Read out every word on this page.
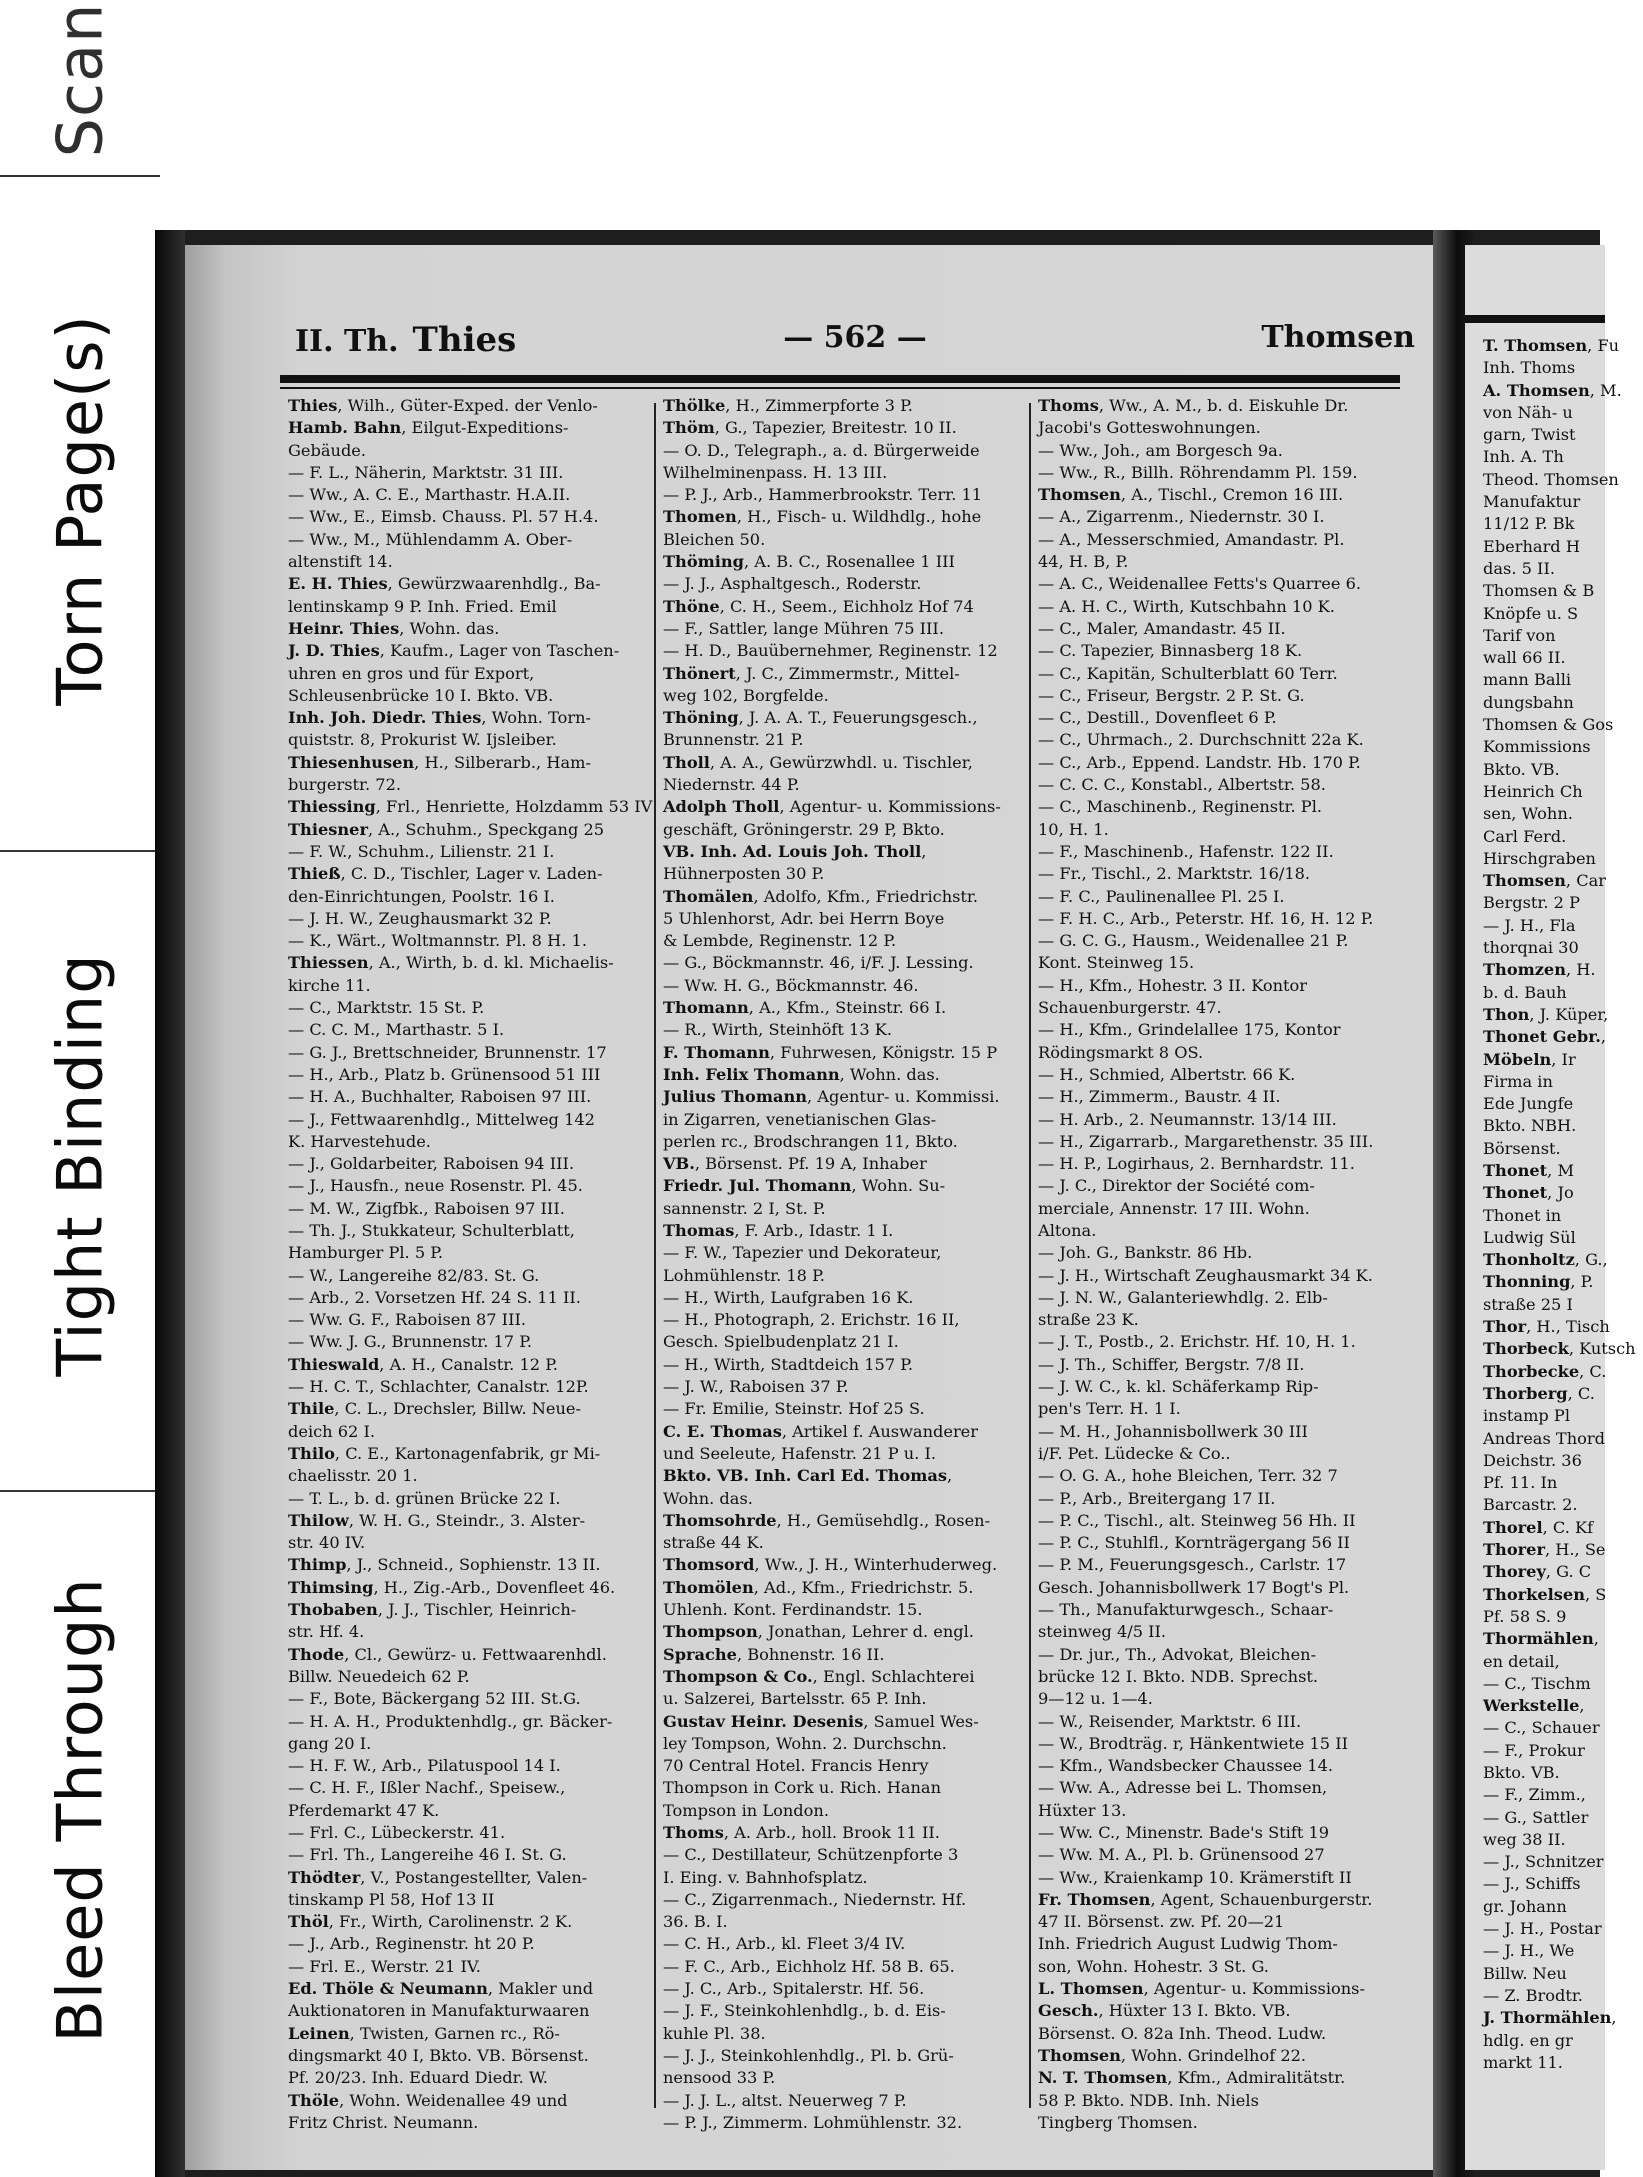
Scan
Torn Page(s)
Tight Binding
Bleed Through
II. Th. Thies	— 562 —	Thomsen
Thies, Wilh., Güter-Exped. der Venlo-
Hamb. Bahn, Eilgut-Expeditions-
Gebäude.
— F. L., Näherin, Marktstr. 31 III.
— Ww., A. C. E., Marthastr. H.A.II.
— Ww., E., Eimsb. Chauss. Pl. 57 H.4.
— Ww., M., Mühlendamm A. Ober-
altenstift 14.
E. H. Thies, Gewürzwaarenhdlg., Ba-
lentinskamp 9 P. Inh. Fried. Emil
Heinr. Thies, Wohn. das.
J. D. Thies, Kaufm., Lager von Taschen-
uhren en gros und für Export,
Schleusenbrücke 10 I. Bkto. VB.
Inh. Joh. Diedr. Thies, Wohn. Torn-
quiststr. 8, Prokurist W. Ijsleiber.
Thiesenhusen, H., Silberarb., Ham-
burgerstr. 72.
Thiessing, Frl., Henriette, Holzdamm 53 IV
Thiesner, A., Schuhm., Speckgang 25
— F. W., Schuhm., Lilienstr. 21 I.
Thieß, C. D., Tischler, Lager v. Laden-
den-Einrichtungen, Poolstr. 16 I.
— J. H. W., Zeughausmarkt 32 P.
— K., Wärt., Woltmannstr. Pl. 8 H. 1.
Thiessen, A., Wirth, b. d. kl. Michaelis-
kirche 11.
— C., Marktstr. 15 St. P.
— C. C. M., Marthastr. 5 I.
— G. J., Brettschneider, Brunnenstr. 17
— H., Arb., Platz b. Grünensood 51 III
— H. A., Buchhalter, Raboisen 97 III.
— J., Fettwaarenhdlg., Mittelweg 142
K. Harvestehude.
— J., Goldarbeiter, Raboisen 94 III.
— J., Hausfn., neue Rosenstr. Pl. 45.
— M. W., Zigfbk., Raboisen 97 III.
— Th. J., Stukkateur, Schulterblatt,
Hamburger Pl. 5 P.
— W., Langereihe 82/83. St. G.
— Arb., 2. Vorsetzen Hf. 24 S. 11 II.
— Ww. G. F., Raboisen 87 III.
— Ww. J. G., Brunnenstr. 17 P.
Thieswald, A. H., Canalstr. 12 P.
— H. C. T., Schlachter, Canalstr. 12P.
Thile, C. L., Drechsler, Billw. Neue-
deich 62 I.
Thilo, C. E., Kartonagenfabrik, gr Mi-
chaelisstr. 20 1.
— T. L., b. d. grünen Brücke 22 I.
Thilow, W. H. G., Steindr., 3. Alster-
str. 40 IV.
Thimp, J., Schneid., Sophienstr. 13 II.
Thimsing, H., Zig.-Arb., Dovenfleet 46.
Thobaben, J. J., Tischler, Heinrich-
str. Hf. 4.
Thode, Cl., Gewürz- u. Fettwaarenhdl.
Billw. Neuedeich 62 P.
— F., Bote, Bäckergang 52 III. St.G.
— H. A. H., Produktenhdlg., gr. Bäcker-
gang 20 I.
— H. F. W., Arb., Pilatuspool 14 I.
— C. H. F., Ißler Nachf., Speisew.,
Pferdemarkt 47 K.
— Frl. C., Lübeckerstr. 41.
— Frl. Th., Langereihe 46 I. St. G.
Thödter, V., Postangestellter, Valen-
tinskamp Pl 58, Hof 13 II
Thöl, Fr., Wirth, Carolinenstr. 2 K.
— J., Arb., Reginenstr. ht 20 P.
— Frl. E., Werstr. 21 IV.
Ed. Thöle & Neumann, Makler und
Auktionatoren in Manufakturwaaren
Leinen, Twisten, Garnen rc., Rö-
dingsmarkt 40 I, Bkto. VB. Börsenst.
Pf. 20/23. Inh. Eduard Diedr. W.
Thöle, Wohn. Weidenallee 49 und
Fritz Christ. Neumann.
Thölke, H., Zimmerpforte 3 P.
Thöm, G., Tapezier, Breitestr. 10 II.
— O. D., Telegraph., a. d. Bürgerweide
Wilhelminenpass. H. 13 III.
— P. J., Arb., Hammerbrookstr. Terr. 11
Thomen, H., Fisch- u. Wildhdlg., hohe
Bleichen 50.
Thöming, A. B. C., Rosenallee 1 III
— J. J., Asphaltgesch., Roderstr.
Thöne, C. H., Seem., Eichholz Hof 74
— F., Sattler, lange Mühren 75 III.
— H. D., Bauübernehmer, Reginenstr. 12
Thönert, J. C., Zimmermstr., Mittel-
weg 102, Borgfelde.
Thöning, J. A. A. T., Feuerungsgesch.,
Brunnenstr. 21 P.
Tholl, A. A., Gewürzwhdl. u. Tischler,
Niedernstr. 44 P.
Adolph Tholl, Agentur- u. Kommissions-
geschäft, Gröningerstr. 29 P, Bkto.
VB. Inh. Ad. Louis Joh. Tholl,
Hühnerposten 30 P.
Thomälen, Adolfo, Kfm., Friedrichstr.
5 Uhlenhorst, Adr. bei Herrn Boye
& Lembde, Reginenstr. 12 P.
— G., Böckmannstr. 46, i/F. J. Lessing.
— Ww. H. G., Böckmannstr. 46.
Thomann, A., Kfm., Steinstr. 66 I.
— R., Wirth, Steinhöft 13 K.
F. Thomann, Fuhrwesen, Königstr. 15 P
Inh. Felix Thomann, Wohn. das.
Julius Thomann, Agentur- u. Kommissi.
in Zigarren, venetianischen Glas-
perlen rc., Brodschrangen 11, Bkto.
VB., Börsenst. Pf. 19 A, Inhaber
Friedr. Jul. Thomann, Wohn. Su-
sannenstr. 2 I, St. P.
Thomas, F. Arb., Idastr. 1 I.
— F. W., Tapezier und Dekorateur,
Lohmühlenstr. 18 P.
— H., Wirth, Laufgraben 16 K.
— H., Photograph, 2. Erichstr. 16 II,
Gesch. Spielbudenplatz 21 I.
— H., Wirth, Stadtdeich 157 P.
— J. W., Raboisen 37 P.
— Fr. Emilie, Steinstr. Hof 25 S.
C. E. Thomas, Artikel f. Auswanderer
und Seeleute, Hafenstr. 21 P u. I.
Bkto. VB. Inh. Carl Ed. Thomas,
Wohn. das.
Thomsohrde, H., Gemüsehdlg., Rosen-
straße 44 K.
Thomsord, Ww., J. H., Winterhuderweg.
Thomölen, Ad., Kfm., Friedrichstr. 5.
Uhlenh. Kont. Ferdinandstr. 15.
Thompson, Jonathan, Lehrer d. engl.
Sprache, Bohnenstr. 16 II.
Thompson & Co., Engl. Schlachterei
u. Salzerei, Bartelsstr. 65 P. Inh.
Gustav Heinr. Desenis, Samuel Wes-
ley Tompson, Wohn. 2. Durchschn.
70 Central Hotel. Francis Henry
Thompson in Cork u. Rich. Hanan
Tompson in London.
Thoms, A. Arb., holl. Brook 11 II.
— C., Destillateur, Schützenpforte 3
I. Eing. v. Bahnhofsplatz.
— C., Zigarrenmach., Niedernstr. Hf.
36. B. I.
— C. H., Arb., kl. Fleet 3/4 IV.
— F. C., Arb., Eichholz Hf. 58 B. 65.
— J. C., Arb., Spitalerstr. Hf. 56.
— J. F., Steinkohlenhdlg., b. d. Eis-
kuhle Pl. 38.
— J. J., Steinkohlenhdlg., Pl. b. Grü-
nensood 33 P.
— J. J. L., altst. Neuerweg 7 P.
— P. J., Zimmerm. Lohmühlenstr. 32.
Thoms, Ww., A. M., b. d. Eiskuhle Dr.
Jacobi's Gotteswohnungen.
— Ww., Joh., am Borgesch 9a.
— Ww., R., Billh. Röhrendamm Pl. 159.
Thomsen, A., Tischl., Cremon 16 III.
— A., Zigarrenm., Niedernstr. 30 I.
— A., Messerschmied, Amandastr. Pl.
44, H. B, P.
— A. C., Weidenallee Fetts's Quarree 6.
— A. H. C., Wirth, Kutschbahn 10 K.
— C., Maler, Amandastr. 45 II.
— C. Tapezier, Binnasberg 18 K.
— C., Kapitän, Schulterblatt 60 Terr.
— C., Friseur, Bergstr. 2 P. St. G.
— C., Destill., Dovenfleet 6 P.
— C., Uhrmach., 2. Durchschnitt 22a K.
— C., Arb., Eppend. Landstr. Hb. 170 P.
— C. C. C., Konstabl., Albertstr. 58.
— C., Maschinenb., Reginenstr. Pl.
10, H. 1.
— F., Maschinenb., Hafenstr. 122 II.
— Fr., Tischl., 2. Marktstr. 16/18.
— F. C., Paulinenallee Pl. 25 I.
— F. H. C., Arb., Peterstr. Hf. 16, H. 12 P.
— G. C. G., Hausm., Weidenallee 21 P.
Kont. Steinweg 15.
— H., Kfm., Hohestr. 3 II. Kontor
Schauenburgerstr. 47.
— H., Kfm., Grindelallee 175, Kontor
Rödingsmarkt 8 OS.
— H., Schmied, Albertstr. 66 K.
— H., Zimmerm., Baustr. 4 II.
— H. Arb., 2. Neumannstr. 13/14 III.
— H., Zigarrarb., Margarethenstr. 35 III.
— H. P., Logirhaus, 2. Bernhardstr. 11.
— J. C., Direktor der Société com-
merciale, Annenstr. 17 III. Wohn.
Altona.
— Joh. G., Bankstr. 86 Hb.
— J. H., Wirtschaft Zeughausmarkt 34 K.
— J. N. W., Galanteriewhdlg. 2. Elb-
straße 23 K.
— J. T., Postb., 2. Erichstr. Hf. 10, H. 1.
— J. Th., Schiffer, Bergstr. 7/8 II.
— J. W. C., k. kl. Schäferkamp Rip-
pen's Terr. H. 1 I.
— M. H., Johannisbollwerk 30 III
i/F. Pet. Lüdecke & Co..
— O. G. A., hohe Bleichen, Terr. 32 7
— P., Arb., Breitergang 17 II.
— P. C., Tischl., alt. Steinweg 56 Hh. II
— P. C., Stuhlfl., Kornträgergang 56 II
— P. M., Feuerungsgesch., Carlstr. 17
Gesch. Johannisbollwerk 17 Bogt's Pl.
— Th., Manufakturwgesch., Schaar-
steinweg 4/5 II.
— Dr. jur., Th., Advokat, Bleichen-
brücke 12 I. Bkto. NDB. Sprechst.
9—12 u. 1—4.
— W., Reisender, Marktstr. 6 III.
— W., Brodträg. r, Hänkentwiete 15 II
— Kfm., Wandsbecker Chaussee 14.
— Ww. A., Adresse bei L. Thomsen,
Hüxter 13.
— Ww. C., Minenstr. Bade's Stift 19
— Ww. M. A., Pl. b. Grünensood 27
— Ww., Kraienkamp 10. Krämerstift II
Fr. Thomsen, Agent, Schauenburgerstr.
47 II. Börsenst. zw. Pf. 20—21
Inh. Friedrich August Ludwig Thom-
son, Wohn. Hohestr. 3 St. G.
L. Thomsen, Agentur- u. Kommissions-
Gesch., Hüxter 13 I. Bkto. VB.
Börsenst. O. 82a Inh. Theod. Ludw.
Thomsen, Wohn. Grindelhof 22.
N. T. Thomsen, Kfm., Admiralitätstr.
58 P. Bkto. NDB. Inh. Niels
Tingberg Thomsen.
T. Thomsen, Fu
Inh. Thoms
A. Thomsen, M.
von Näh- u
garn, Twist
Inh. A. Th
Theod. Thomsen
Manufaktur
11/12 P. Bk
Eberhard H
das. 5 II.
Thomsen & B
Knöpfe u. S
Tarif von
wall 66 II.
mann Balli
dungsbahn
Thomsen & Gos
Kommissions
Bkto. VB.
Heinrich Ch
sen, Wohn.
Carl Ferd.
Hirschgraben
Thomsen, Car
Bergstr. 2 P
— J. H., Fla
thorqnai 30
Thomzen, H.
b. d. Bauh
Thon, J. Küper,
Thonet Gebr.,
Möbeln, Ir
Firma in
Ede Jungfe
Bkto. NBH.
Börsenst.
Thonet, M
Thonet, Jo
Thonet in
Ludwig Sül
Thonholtz, G.,
Thonning, P.
straße 25 I
Thor, H., Tisch
Thorbeck, Kutsch
Thorbecke, C.
Thorberg, C.
instamp Pl
Andreas Thord
Deichstr. 36
Pf. 11. In
Barcastr. 2.
Thorel, C. Kf
Thorer, H., Se
Thorey, G. C
Thorkelsen, S
Pf. 58 S. 9
Thormählen,
en detail,
— C., Tischm
Werkstelle,
— C., Schauer
— F., Prokur
Bkto. VB.
— F., Zimm.,
— G., Sattler
weg 38 II.
— J., Schnitzer
— J., Schiffs
gr. Johann
— J. H., Postar
— J. H., We
Billw. Neu
— Z. Brodtr.
J. Thormählen,
hdlg. en gr
markt 11.
